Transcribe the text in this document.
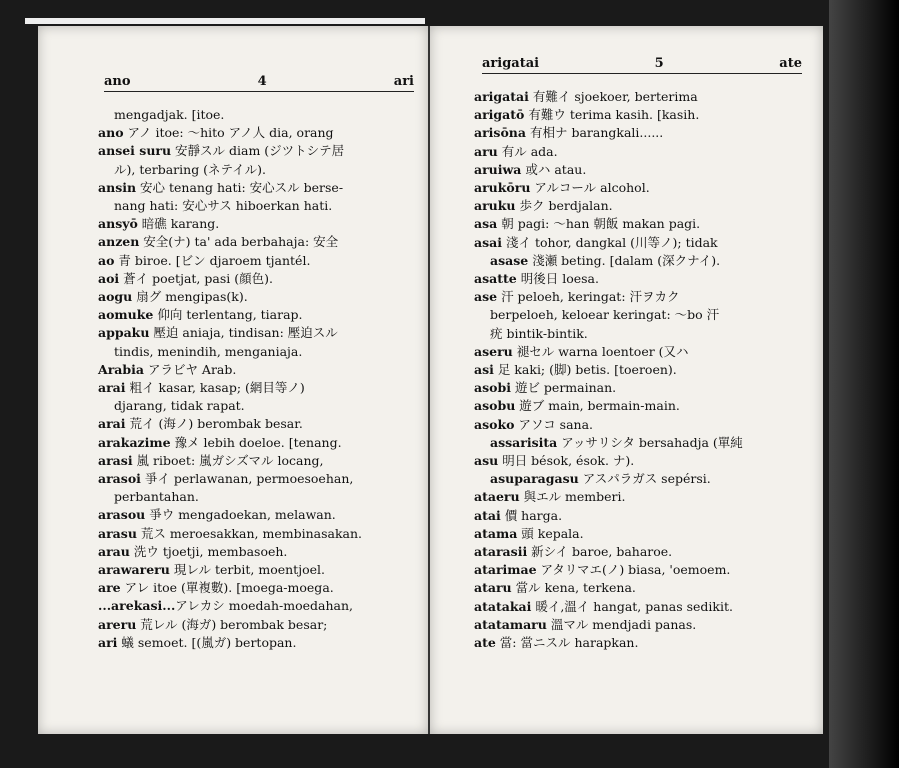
ano	4	ari
mengadjak. [itoe.
ano アノ itoe: ～hito アノ人 dia, orang
ansei suru 安靜スル diam (ジツトシテ居
ル), terbaring (ネテイル).
ansin 安心 tenang hati: 安心スル berse-
nang hati: 安心サス hiboerkan hati.
ansyō 暗礁 karang.
anzen 安全(ナ) ta' ada berbahaja: 安全
ao 青 biroe. [ビン djaroem tjantél.
aoi 蒼イ poetjat, pasi (顔色).
aogu 扇グ mengipas(k).
aomuke 仰向 terlentang, tiarap.
appaku 壓迫 aniaja, tindisan: 壓迫スル
tindis, menindih, menganiaja.
Arabia アラビヤ Arab.
arai 粗イ kasar, kasap; (網目等ノ)
djarang, tidak rapat.
arai 荒イ (海ノ) berombak besar.
arakazime 豫メ lebih doeloe. [tenang.
arasi 嵐 riboet: 嵐ガシズマル locang,
arasoi 爭イ perlawanan, permoesoehan,
perbantahan.
arasou 爭ウ mengadoekan, melawan.
arasu 荒ス meroesakkan, membinasakan.
arau 洗ウ tjoetji, membasoeh.
arawareru 現レル terbit, moentjoel.
are アレ itoe (單複數). [moega-moega.
...arekasi...アレカシ moedah-moedahan,
areru 荒レル (海ガ) berombak besar;
ari 蟻 semoet. [(嵐ガ) bertopan.
arigatai	5	ate
arigatai 有難イ sjoekoer, berterima
arigatō 有難ウ terima kasih. [kasih.
arisōna 有相ナ barangkali......
aru 有ル ada.
aruiwa 或ハ atau.
arukōru アルコール alcohol.
aruku 歩ク berdjalan.
asa 朝 pagi: ～han 朝飯 makan pagi.
asai 淺イ tohor, dangkal (川等ノ); tidak
asase 淺瀬 beting. [dalam (深クナイ).
asatte 明後日 loesa.
ase 汗 peloeh, keringat: 汗ヲカク
berpeloeh, keloear keringat: ～bo 汗
疣 bintik-bintik.
aseru 褪セル warna loentoer (又ハ
asi 足 kaki; (脚) betis. [toeroen).
asobi 遊ビ permainan.
asobu 遊ブ main, bermain-main.
asoko アソコ sana.
assarisita アッサリシタ bersahadja (單純
asu 明日 bésok, ésok. ナ).
asuparagasu アスパラガス sepérsi.
ataeru 與エル memberi.
atai 價 harga.
atama 頭 kepala.
atarasii 新シイ baroe, baharoe.
atarimae アタリマエ(ノ) biasa, 'oemoem.
ataru 當ル kena, terkena.
atatakai 暖イ,溫イ hangat, panas sedikit.
atatamaru 溫マル mendjadi panas.
ate 當: 當ニスル harapkan.
